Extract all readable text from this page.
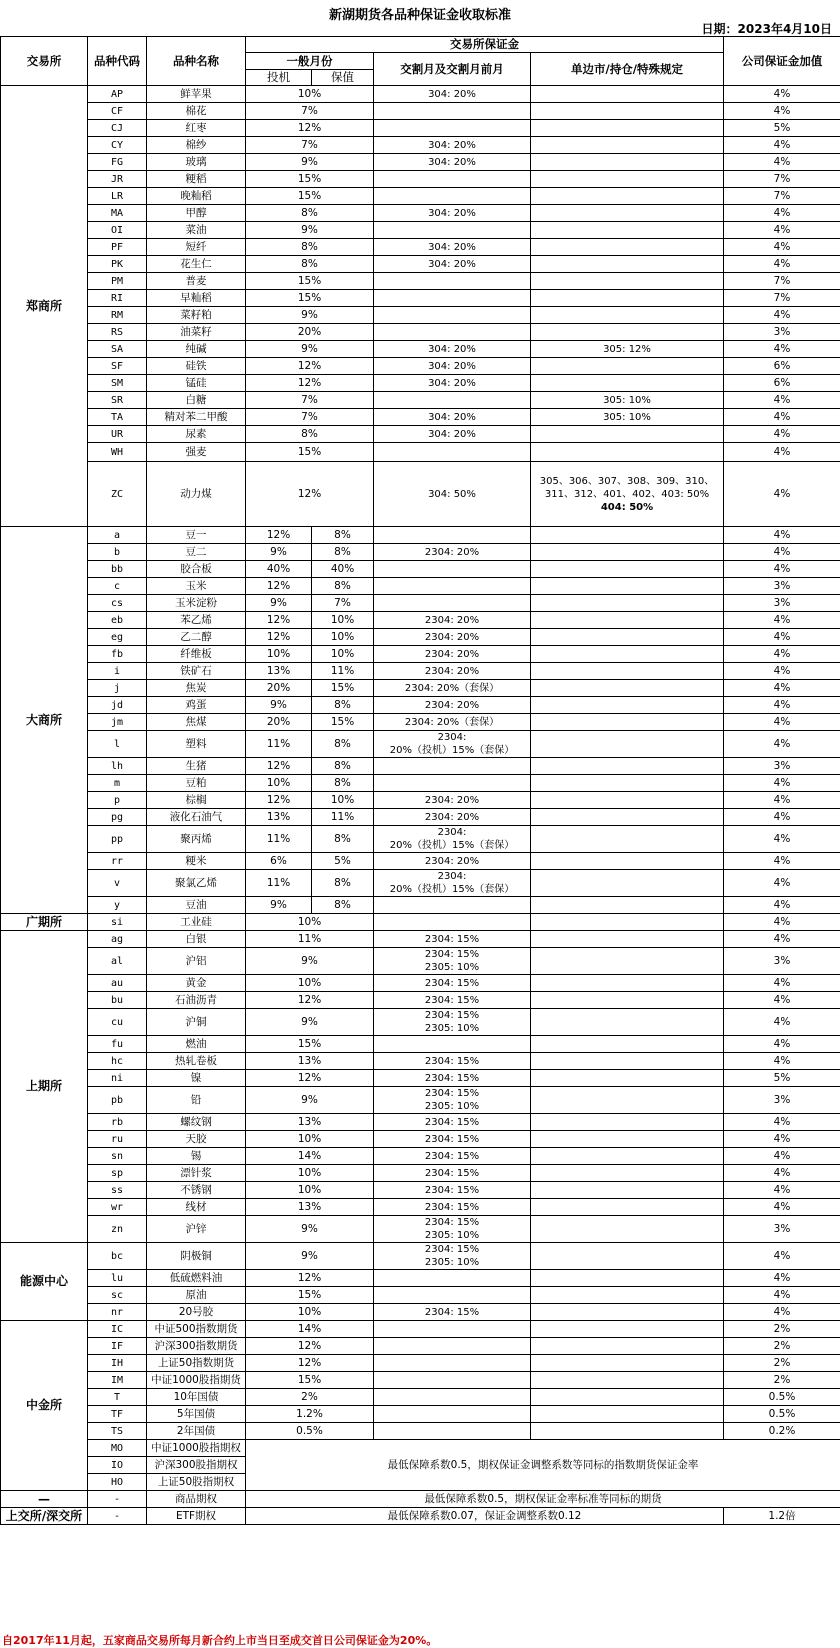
新湖期货各品种保证金收取标准
日期：2023年4月10日
交易所	品种代码	品种名称	交易所保证金				公司保证金加值
			一般月份		交割月及交割月前月	单边市/持仓/特殊规定	
			投机	保值			
郑商所	AP	鲜苹果	10%		304: 20%		4%
	CF	棉花	7%				4%
	CJ	红枣	12%				5%
	CY	棉纱	7%		304: 20%		4%
	FG	玻璃	9%		304: 20%		4%
	JR	粳稻	15%				7%
	LR	晚籼稻	15%				7%
	MA	甲醇	8%		304: 20%		4%
	OI	菜油	9%				4%
	PF	短纤	8%		304: 20%		4%
	PK	花生仁	8%		304: 20%		4%
	PM	普麦	15%				7%
	RI	早籼稻	15%				7%
	RM	菜籽粕	9%				4%
	RS	油菜籽	20%				3%
	SA	纯碱	9%		304: 20%	305: 12%	4%
	SF	硅铁	12%		304: 20%		6%
	SM	锰硅	12%		304: 20%		6%
	SR	白糖	7%			305: 10%	4%
	TA	精对苯二甲酸	7%		304: 20%	305: 10%	4%
	UR	尿素	8%		304: 20%		4%
	WH	强麦	15%				4%
	ZC	动力煤	12%		304: 50%	305、306、307、308、309、310、
311、312、401、402、403: 50%
404: 50%	4%
大商所	a	豆一	12%	8%			4%
	b	豆二	9%	8%	2304: 20%		4%
	bb	胶合板	40%	40%			4%
	c	玉米	12%	8%			3%
	cs	玉米淀粉	9%	7%			3%
	eb	苯乙烯	12%	10%	2304: 20%		4%
	eg	乙二醇	12%	10%	2304: 20%		4%
	fb	纤维板	10%	10%	2304: 20%		4%
	i	铁矿石	13%	11%	2304: 20%		4%
	j	焦炭	20%	15%	2304: 20%（套保）		4%
	jd	鸡蛋	9%	8%	2304: 20%		4%
	jm	焦煤	20%	15%	2304: 20%（套保）		4%
	l	塑料	11%	8%	2304:
20%（投机）15%（套保）		4%
	lh	生猪	12%	8%			3%
	m	豆粕	10%	8%			4%
	p	棕榈	12%	10%	2304: 20%		4%
	pg	液化石油气	13%	11%	2304: 20%		4%
	pp	聚丙烯	11%	8%	2304:
20%（投机）15%（套保）		4%
	rr	粳米	6%	5%	2304: 20%		4%
	v	聚氯乙烯	11%	8%	2304:
20%（投机）15%（套保）		4%
	y	豆油	9%	8%			4%
广期所	si	工业硅	10%				4%
上期所	ag	白银	11%		2304: 15%		4%
	al	沪铝	9%		2304: 15%
2305: 10%		3%
	au	黄金	10%		2304: 15%		4%
	bu	石油沥青	12%		2304: 15%		4%
	cu	沪铜	9%		2304: 15%
2305: 10%		4%
	fu	燃油	15%				4%
	hc	热轧卷板	13%		2304: 15%		4%
	ni	镍	12%		2304: 15%		5%
	pb	铅	9%		2304: 15%
2305: 10%		3%
	rb	螺纹钢	13%		2304: 15%		4%
	ru	天胶	10%		2304: 15%		4%
	sn	锡	14%		2304: 15%		4%
	sp	漂针浆	10%		2304: 15%		4%
	ss	不锈钢	10%		2304: 15%		4%
	wr	线材	13%		2304: 15%		4%
	zn	沪锌	9%		2304: 15%
2305: 10%		3%
能源中心	bc	阴极铜	9%		2304: 15%
2305: 10%		4%
	lu	低硫燃料油	12%				4%
	sc	原油	15%				4%
	nr	20号胶	10%		2304: 15%		4%
中金所	IC	中证500指数期货	14%				2%
	IF	沪深300指数期货	12%				2%
	IH	上证50指数期货	12%				2%
	IM	中证1000股指期货	15%				2%
	T	10年国债	2%				0.5%
	TF	5年国债	1.2%				0.5%
	TS	2年国债	0.5%				0.2%
	MO	中证1000股指期权	最低保障系数0.5，期权保证金调整系数等同标的指数期货保证金率				
	IO	沪深300股指期权					
	HO	上证50股指期权					
—	-	商品期权	最低保障系数0.5，期权保证金率标准等同标的期货				
上交所/深交所	-	ETF期权	最低保障系数0.07，保证金调整系数0.12				1.2倍
自2017年11月起，五家商品交易所每月新合约上市当日至成交首日公司保证金为20%。
